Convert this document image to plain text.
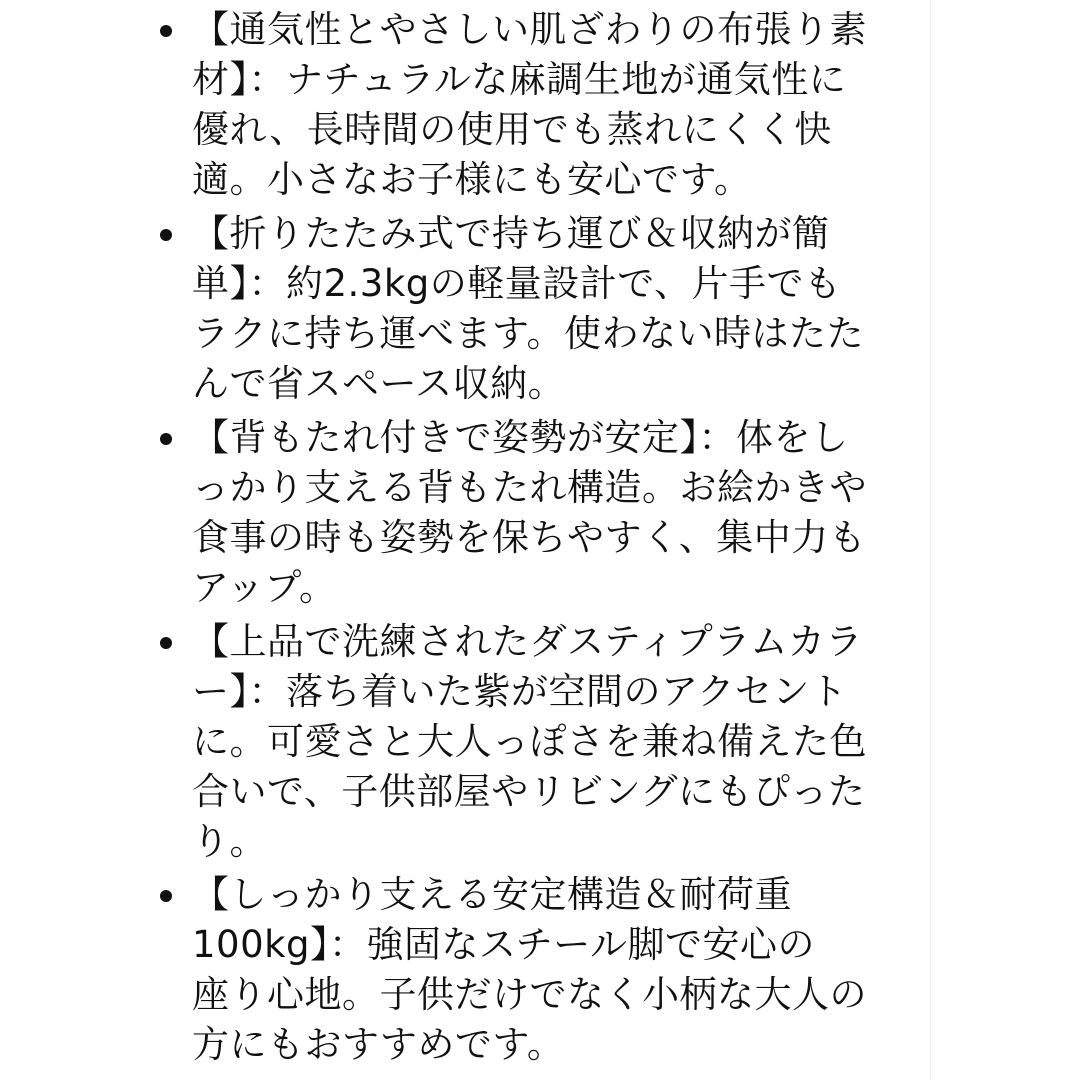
【通気性とやさしい肌ざわりの布張り素
材】：ナチュラルな麻調生地が通気性に
優れ、長時間の使用でも蒸れにくく快
適。小さなお子様にも安心です。
【折りたたみ式で持ち運び＆収納が簡
単】：約2.3kgの軽量設計で、片手でも
ラクに持ち運べます。使わない時はたた
んで省スペース収納。
【背もたれ付きで姿勢が安定】：体をし
っかり支える背もたれ構造。お絵かきや
食事の時も姿勢を保ちやすく、集中力も
アップ。
【上品で洗練されたダスティプラムカラ
ー】：落ち着いた紫が空間のアクセント
に。可愛さと大人っぽさを兼ね備えた色
合いで、子供部屋やリビングにもぴった
り。
【しっかり支える安定構造＆耐荷重
100kg】：強固なスチール脚で安心の
座り心地。子供だけでなく小柄な大人の
方にもおすすめです。
